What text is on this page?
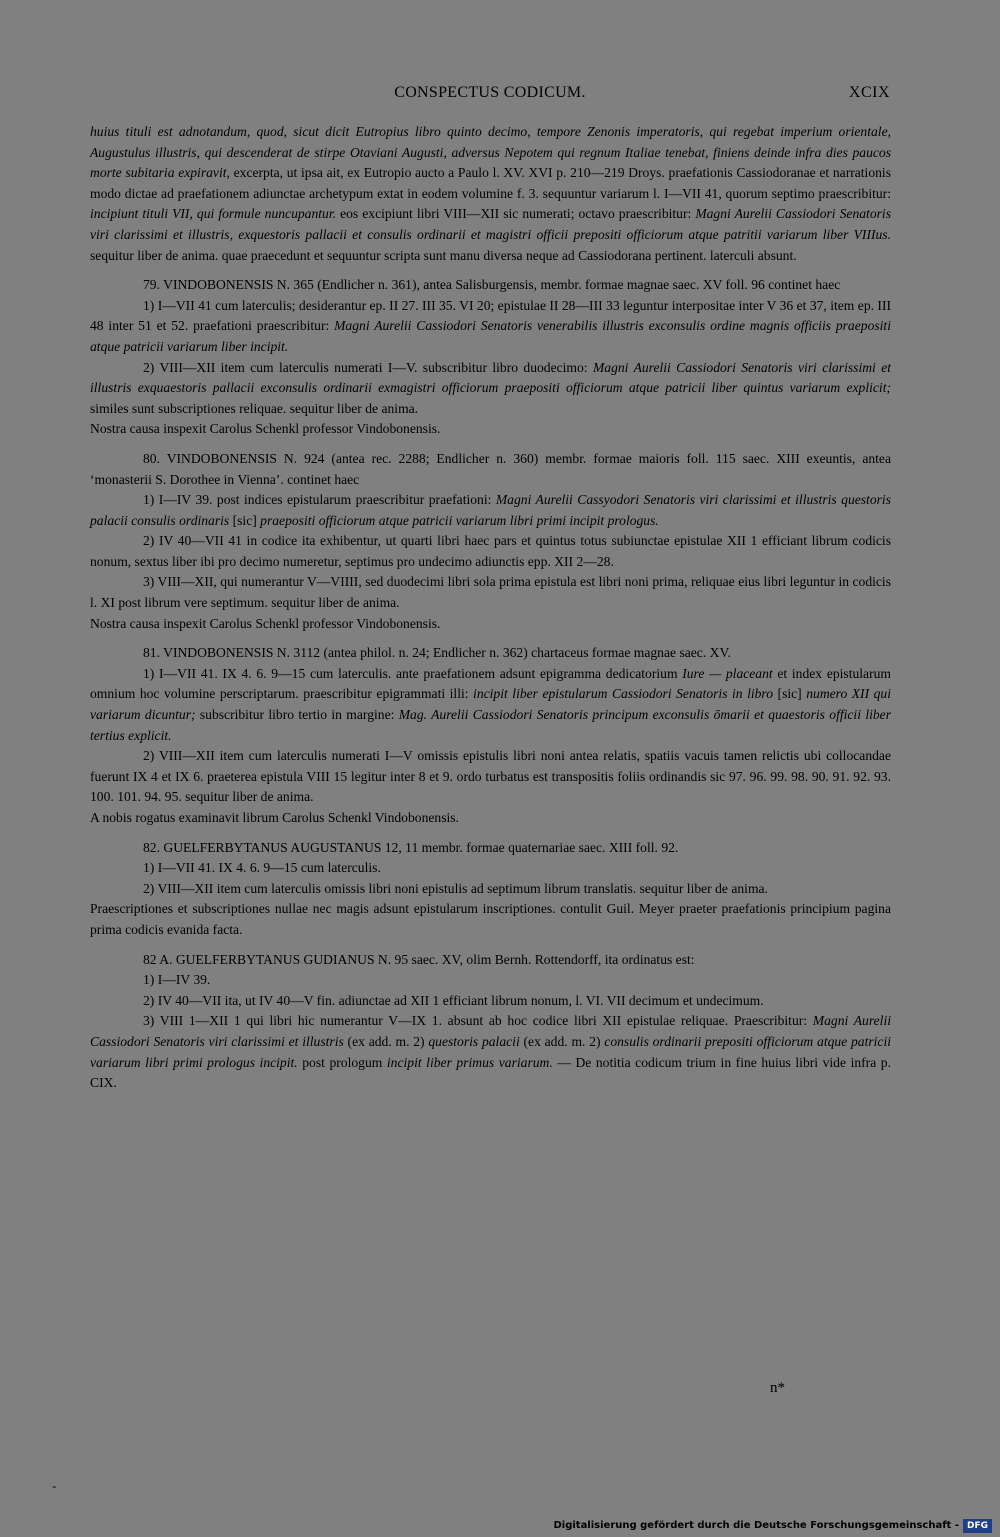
CONSPECTUS CODICUM.	XCIX

huius tituli est adnotandum, quod, sicut dicit Eutropius libro quinto decimo, tempore Zenonis imperatoris, qui regebat imperium orientale, Augustulus illustris, qui descenderat de stirpe Otaviani Augusti, adversus Nepotem qui regnum Italiae tenebat, finiens deinde infra dies paucos morte subitaria expiravit, excerpta, ut ipsa ait, ex Eutropio aucto a Paulo l. XV. XVI p. 210—219 Droys. praefationis Cassiodoranae et narrationis modo dictae ad praefationem adiunctae archetypum extat in eodem volumine f. 3. sequuntur variarum l. I—VII 41, quorum septimo praescribitur: incipiunt tituli VII, qui formule nuncupantur. eos excipiunt libri VIII—XII sic numerati; octavo praescribitur: Magni Aurelii Cassiodori Senatoris viri clarissimi et illustris, exquestoris pallacii et consulis ordinarii et magistri officii prepositi officiorum atque patritii variarum liber VIIIus. sequitur liber de anima. quae praecedunt et sequuntur scripta sunt manu diversa neque ad Cassiodorana pertinent. laterculi absunt.

79. VINDOBONENSIS N. 365 (Endlicher n. 361), antea Salisburgensis, membr. formae magnae saec. XV foll. 96 continet haec

1) I—VII 41 cum laterculis; desiderantur ep. II 27. III 35. VI 20; epistulae II 28—III 33 leguntur interpositae inter V 36 et 37, item ep. III 48 inter 51 et 52. praefationi praescribitur: Magni Aurelii Cassiodori Senatoris venerabilis illustris exconsulis ordine magnis officiis praepositi atque patricii variarum liber incipit.

2) VIII—XII item cum laterculis numerati I—V. subscribitur libro duodecimo: Magni Aurelii Cassiodori Senatoris viri clarissimi et illustris exquaestoris pallacii exconsulis ordinarii exmagistri officiorum praepositi officiorum atque patricii liber quintus variarum explicit; similes sunt subscriptiones reliquae. sequitur liber de anima.

Nostra causa inspexit Carolus Schenkl professor Vindobonensis.

80. VINDOBONENSIS N. 924 (antea rec. 2288; Endlicher n. 360) membr. formae maioris foll. 115 saec. XIII exeuntis, antea ‘monasterii S. Dorothee in Vienna’. continet haec

1) I—IV 39. post indices epistularum praescribitur praefationi: Magni Aurelii Cassyodori Senatoris viri clarissimi et illustris questoris palacii consulis ordinaris [sic] praepositi officiorum atque patricii variarum libri primi incipit prologus.

2) IV 40—VII 41 in codice ita exhibentur, ut quarti libri haec pars et quintus totus subiunctae epistulae XII 1 efficiant librum codicis nonum, sextus liber ibi pro decimo numeretur, septimus pro undecimo adiunctis epp. XII 2—28.

3) VIII—XII, qui numerantur V—VIIII, sed duodecimi libri sola prima epistula est libri noni prima, reliquae eius libri leguntur in codicis l. XI post librum vere septimum. sequitur liber de anima.

Nostra causa inspexit Carolus Schenkl professor Vindobonensis.

81. VINDOBONENSIS N. 3112 (antea philol. n. 24; Endlicher n. 362) chartaceus formae magnae saec. XV.

1) I—VII 41. IX 4. 6. 9—15 cum laterculis. ante praefationem adsunt epigramma dedicatorium Iure — placeant et index epistularum omnium hoc volumine perscriptarum. praescribitur epigrammati illi: incipit liber epistularum Cassiodori Senatoris in libro [sic] numero XII qui variarum dicuntur; subscribitur libro tertio in margine: Mag. Aurelii Cassiodori Senatoris principum exconsulis ōmarii et quaestoris officii liber tertius explicit.

2) VIII—XII item cum laterculis numerati I—V omissis epistulis libri noni antea relatis, spatiis vacuis tamen relictis ubi collocandae fuerunt IX 4 et IX 6. praeterea epistula VIII 15 legitur inter 8 et 9. ordo turbatus est transpositis foliis ordinandis sic 97. 96. 99. 98. 90. 91. 92. 93. 100. 101. 94. 95. sequitur liber de anima.

A nobis rogatus examinavit librum Carolus Schenkl Vindobonensis.

82. GUELFERBYTANUS AUGUSTANUS 12, 11 membr. formae quaternariae saec. XIII foll. 92.

1) I—VII 41. IX 4. 6. 9—15 cum laterculis.

2) VIII—XII item cum laterculis omissis libri noni epistulis ad septimum librum translatis. sequitur liber de anima.

Praescriptiones et subscriptiones nullae nec magis adsunt epistularum inscriptiones. contulit Guil. Meyer praeter praefationis principium pagina prima codicis evanida facta.

82 A. GUELFERBYTANUS GUDIANUS N. 95 saec. XV, olim Bernh. Rottendorff, ita ordinatus est:

1) I—IV 39.

2) IV 40—VII ita, ut IV 40—V fin. adiunctae ad XII 1 efficiant librum nonum, l. VI. VII decimum et undecimum.

3) VIII 1—XII 1 qui libri hic numerantur V—IX 1. absunt ab hoc codice libri XII epistulae reliquae. Praescribitur: Magni Aurelii Cassiodori Senatoris viri clarissimi et illustris (ex add. m. 2) questoris palacii (ex add. m. 2) consulis ordinarii prepositi officiorum atque patricii variarum libri primi prologus incipit. post prologum incipit liber primus variarum. — De notitia codicum trium in fine huius libri vide infra p. CIX.

n*
-
Digitalisierung gefördert durch die Deutsche Forschungsgemeinschaft - DFG
